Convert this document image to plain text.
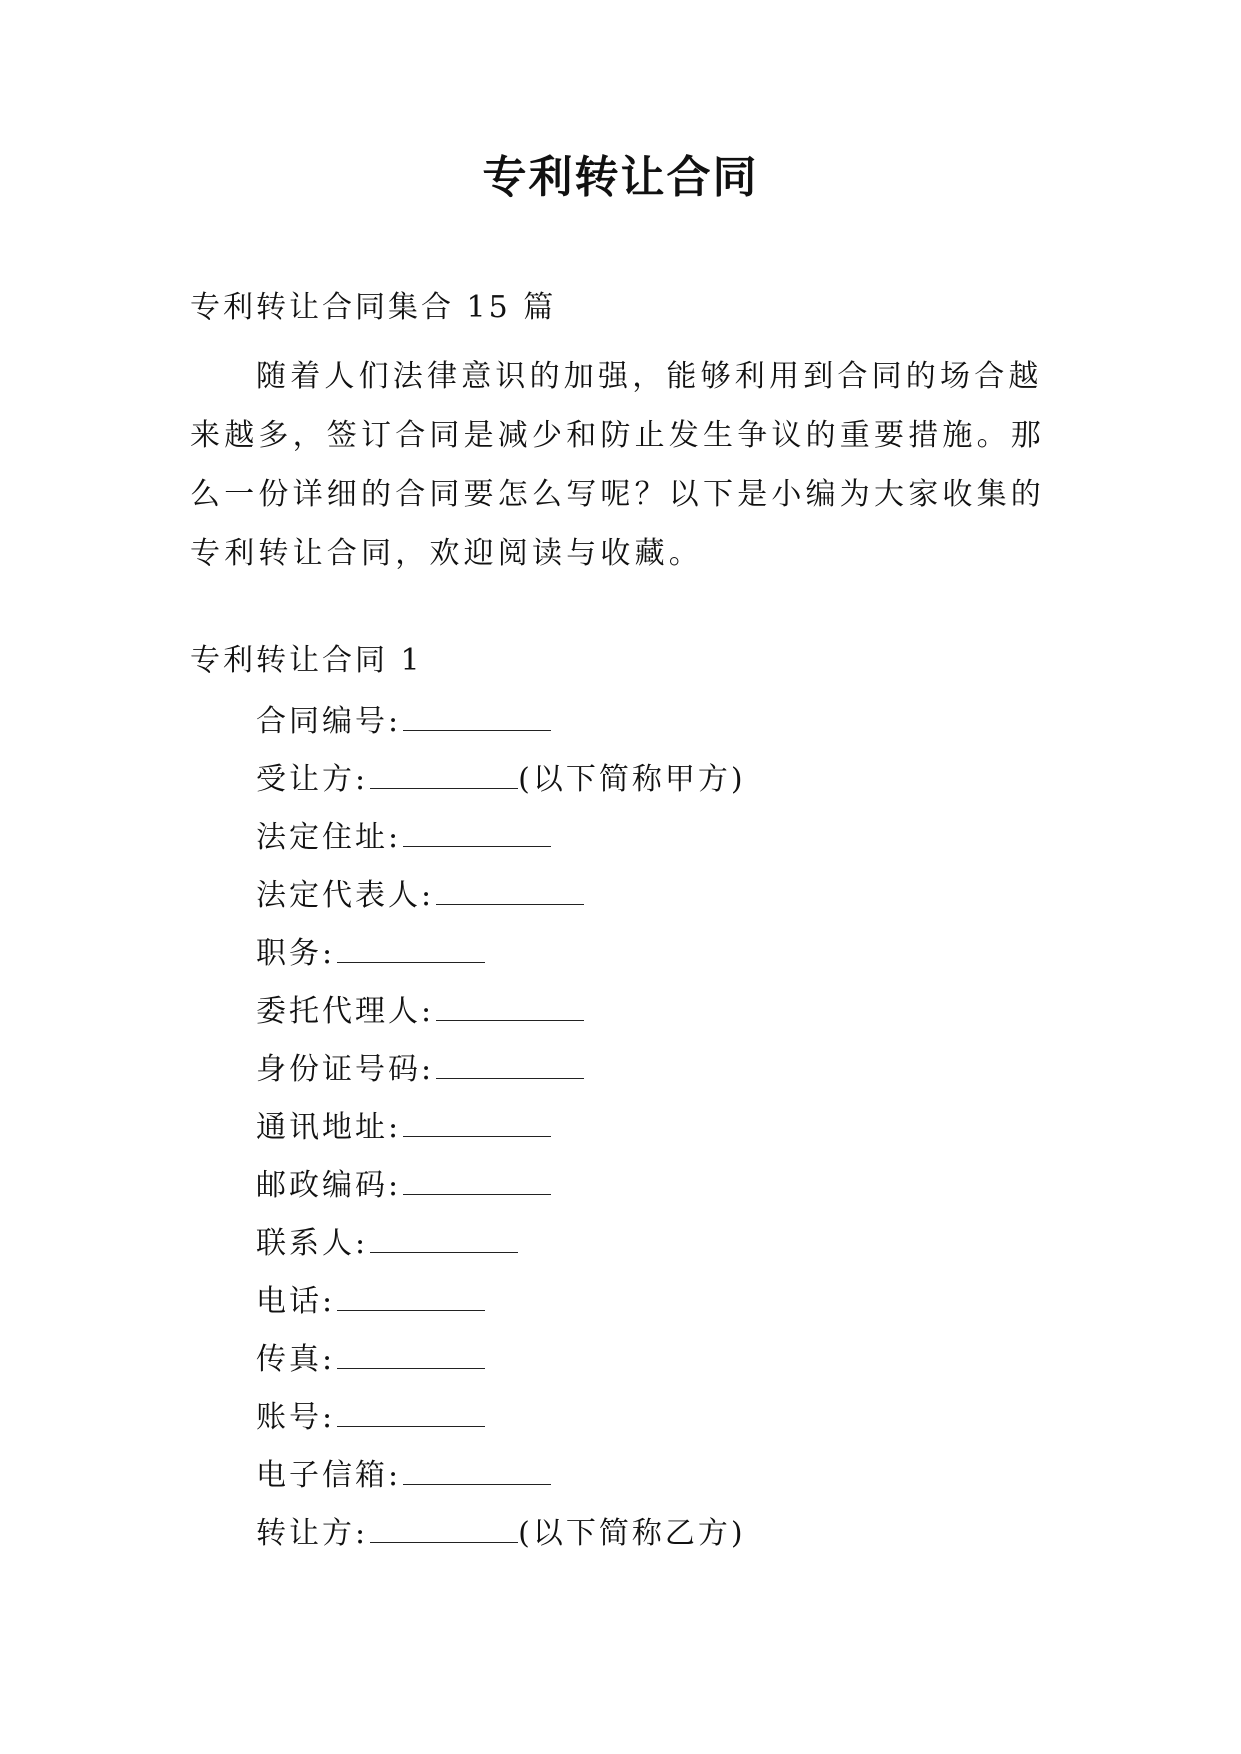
专利转让合同
专利转让合同集合 15 篇
随着人们法律意识的加强，能够利用到合同的场合越来越多，签订合同是减少和防止发生争议的重要措施。那么一份详细的合同要怎么写呢？以下是小编为大家收集的专利转让合同，欢迎阅读与收藏。
专利转让合同 1
合同编号:
受让方:	(以下简称甲方)
法定住址:
法定代表人:
职务:
委托代理人:
身份证号码:
通讯地址:
邮政编码:
联系人:
电话:
传真:
账号:
电子信箱:
转让方:	(以下简称乙方)
